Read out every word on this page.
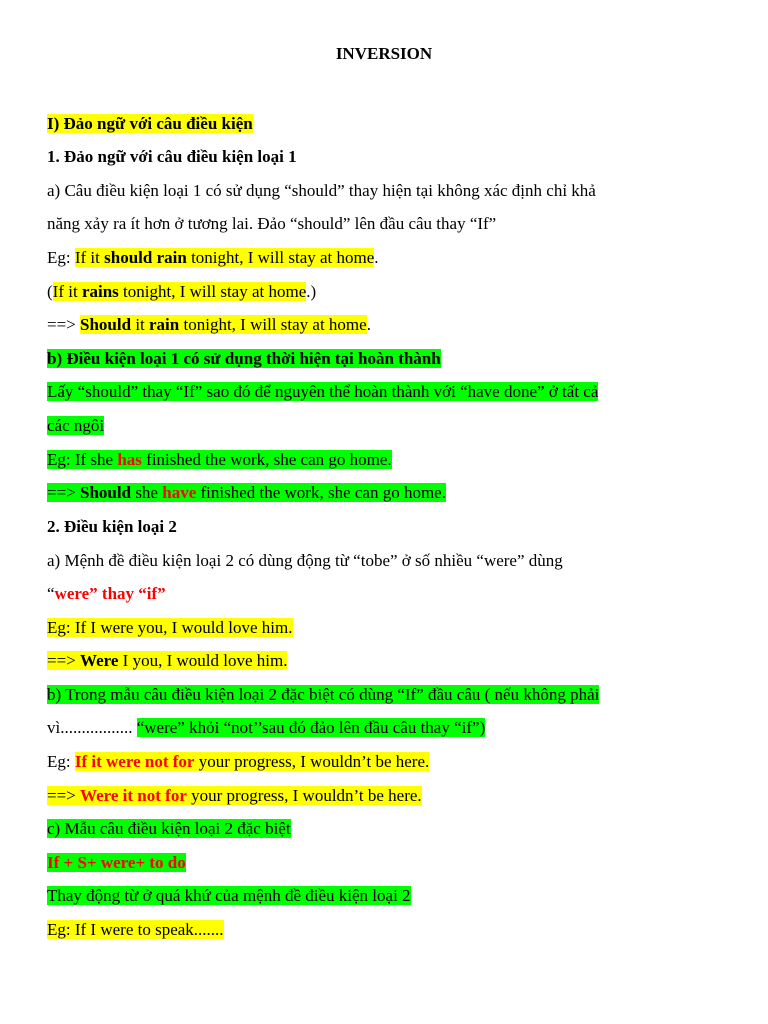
INVERSION
I) Đảo ngữ với câu điều kiện
1. Đảo ngữ với câu điều kiện loại 1
a) Câu điều kiện loại 1 có sử dụng “should” thay hiện tại không xác định chỉ khả
năng xảy ra ít hơn ở tương lai. Đảo “should” lên đầu câu thay “If”
Eg: If it should rain tonight, I will stay at home.
(If it rains tonight, I will stay at home.)
==> Should it rain tonight, I will stay at home.
b) Điều kiện loại 1 có sử dụng thời hiện tại hoàn thành
Lấy “should” thay “If” sao đó để nguyên thể hoàn thành với “have done” ở tất cả
các ngôi
Eg: If she has finished the work, she can go home.
==> Should she have finished the work, she can go home.
2. Điều kiện loại 2
a) Mệnh đề điều kiện loại 2 có dùng động từ “tobe” ở số nhiều “were” dùng
“were” thay “if”
Eg: If I were you, I would love him.
==> Were I you, I would love him.
b) Trong mẫu câu điều kiện loại 2 đặc biệt có dùng “If” đầu câu ( nếu không phải
vì................. “were” khỏi “not’’sau đó đảo lên đầu câu thay “if”)
Eg: If it were not for your progress, I wouldn’t be here.
==> Were it not for your progress, I wouldn’t be here.
c) Mẫu câu điều kiện loại 2 đặc biệt
If + S+ were+ to do
Thay động từ ở quá khứ của mệnh đề điều kiện loại 2
Eg: If I were to speak.......
